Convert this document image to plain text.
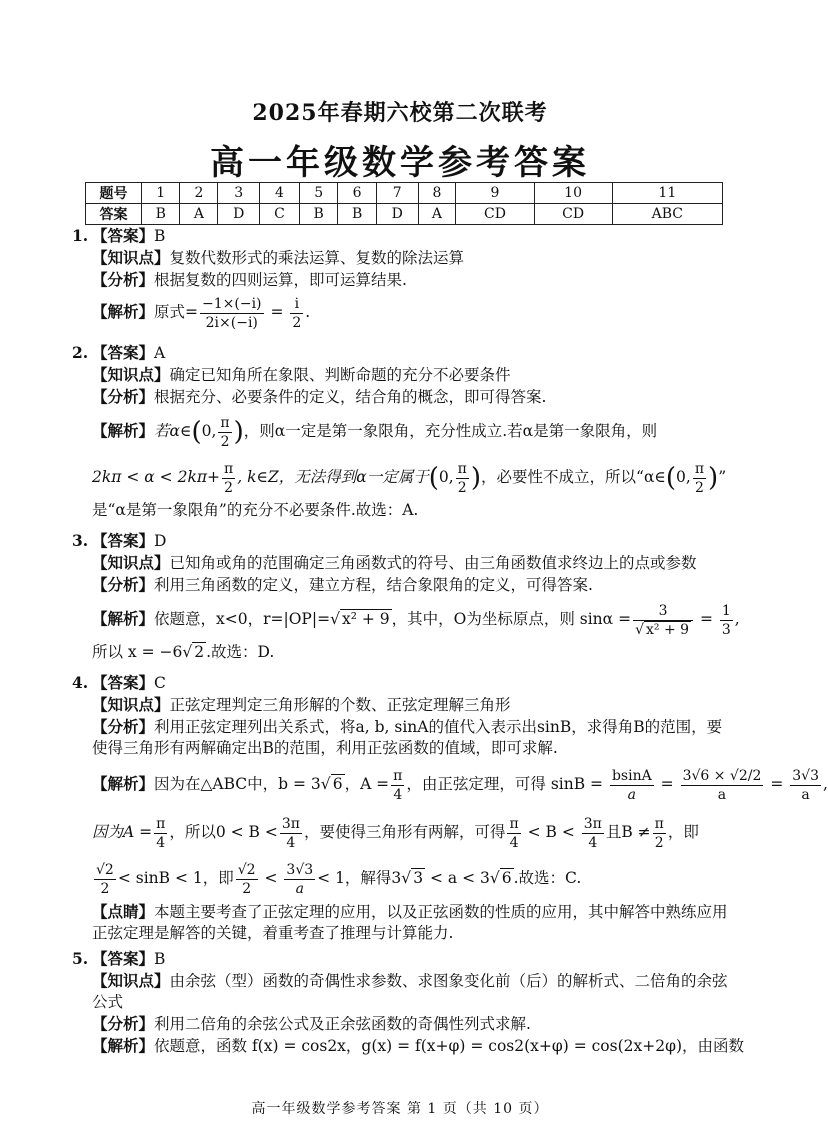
2025年春期六校第二次联考
高一年级数学参考答案
题号	1	2	3	4	5	6	7	8	9	10	11
答案	B	A	D	C	B	B	D	A	CD	CD	ABC
1. 【答案】B
【知识点】复数代数形式的乘法运算、复数的除法运算
【分析】根据复数的四则运算，即可运算结果.
【解析】原式= $\frac{-1\times(-i)}{2i\times(-i)} = \frac{i}{2}$ .
2. 【答案】A
【知识点】确定已知角所在象限、判断命题的充分不必要条件
【分析】根据充分、必要条件的定义，结合角的概念，即可得答案.
【解析】若α∈(0, $\frac{\pi}{2}$ )，则α一定是第一象限角，充分性成立.若α是第一象限角，则
$2k\pi < \alpha < 2k\pi+ \frac{\pi}{2}$ , k∈Z，无法得到α一定属于(0, $\frac{\pi}{2}$ )，必要性不成立，所以“α∈(0, $\frac{\pi}{2}$ )”
是“α是第一象限角”的充分不必要条件.故选：A.
3. 【答案】D
【知识点】已知角或角的范围确定三角函数式的符号、由三角函数值求终边上的点或参数
【分析】利用三角函数的定义，建立方程，结合象限角的定义，可得答案.
【解析】依题意，x<0，r=|OP|=√ x² + 9 ，其中，O为坐标原点，则 $\sin\alpha = \frac{3}{\text{√ x² + 9}} = \frac{1}{3}$ ,
所以 x = −6√ 2 .故选：D.
4. 【答案】C
【知识点】正弦定理判定三角形解的个数、正弦定理解三角形
【分析】利用正弦定理列出关系式，将a, b, sinA的值代入表示出sinB，求得角B的范围，要使得三角形有两解确定出B的范围，利用正弦函数的值域，即可求解.
【解析】因为在△ABC中，b = 3√ 6 ，$A = \frac{\pi}{4}$ ，由正弦定理，可得 $\sin B = \frac{bsinA}{a} = \frac{3√6 \times √2/2}{a} = \frac{3√3}{a}$ ,
因为$A = \frac{\pi}{4}$ ，所以$0 < B < \frac{3\pi}{4}$ ，要使得三角形有两解，可得 $\frac{\pi}{4} < B < \frac{3\pi}{4}$ 且$B \ne \frac{\pi}{2}$ ，即
$\frac{√2}{2} < \sin B < 1$，即 $\frac{√2}{2} < \frac{3√3}{a} < 1$，解得3√ 3 < a < 3√ 6 .故选：C.
【点睛】本题主要考查了正弦定理的应用，以及正弦函数的性质的应用，其中解答中熟练应用正弦定理是解答的关键，着重考查了推理与计算能力.
5. 【答案】B
【知识点】由余弦（型）函数的奇偶性求参数、求图象变化前（后）的解析式、二倍角的余弦公式
【分析】利用二倍角的余弦公式及正余弦函数的奇偶性列式求解.
【解析】依题意，函数 f(x) = cos2x，g(x) = f(x+φ) = cos2(x+φ) = cos(2x+2φ)，由函数
高一年级数学参考答案 第 1 页（共 10 页）
